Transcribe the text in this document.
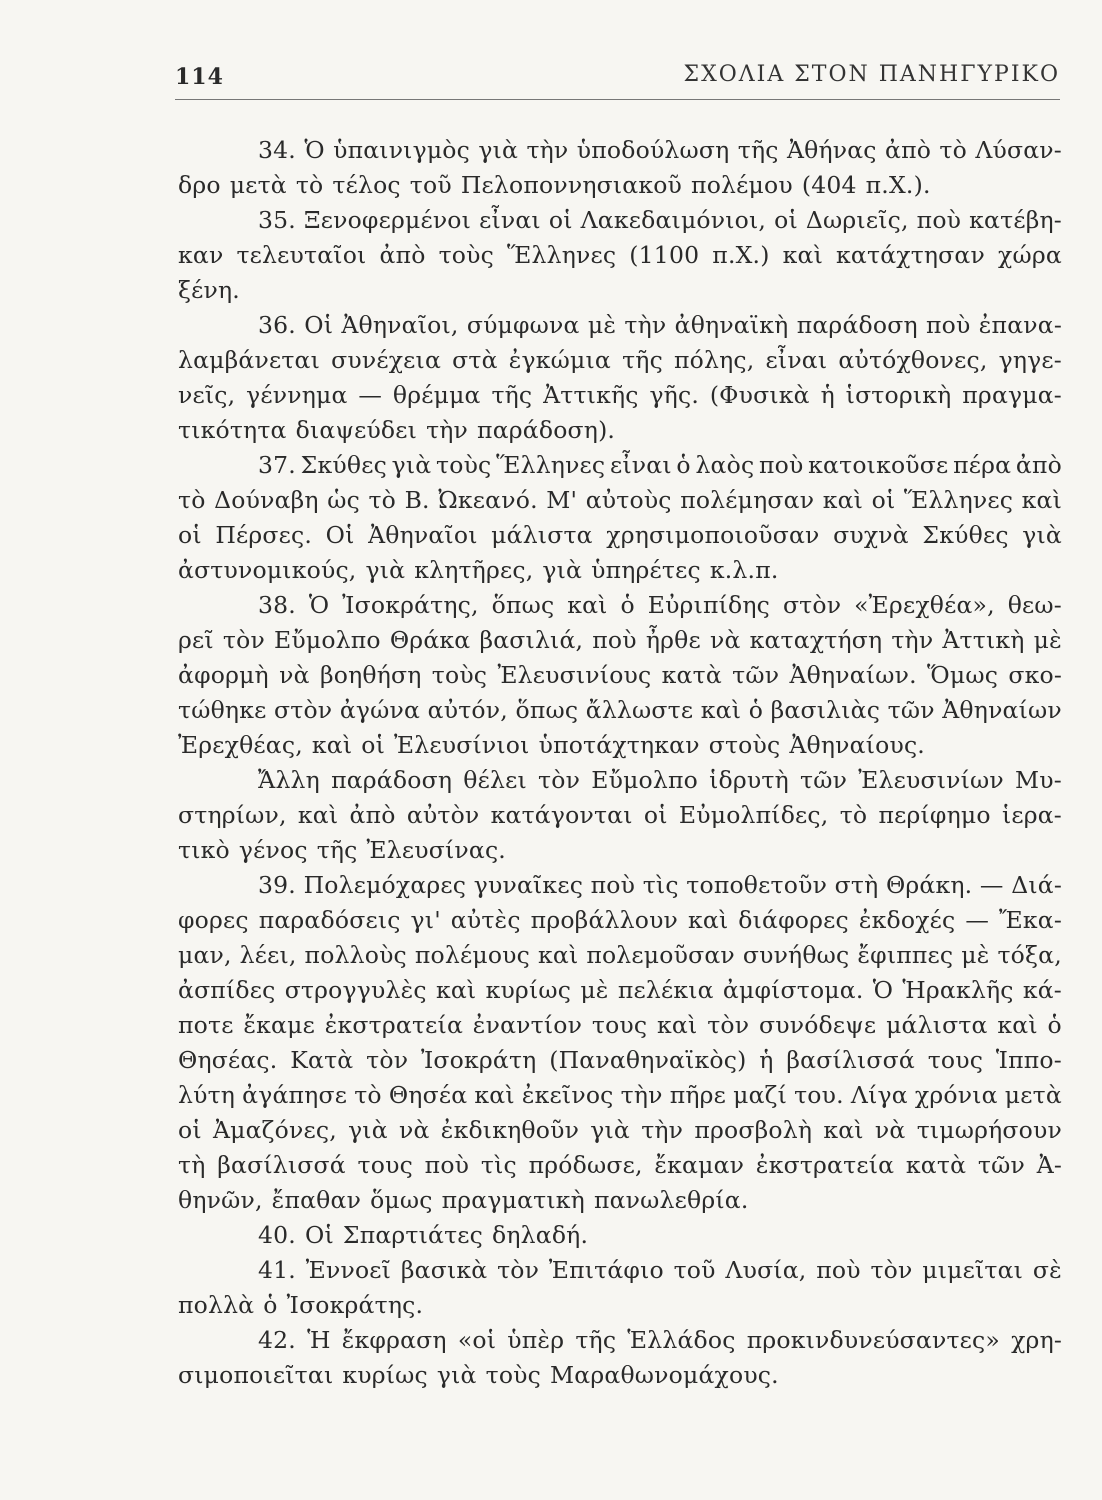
114	ΣΧΟΛΙΑ ΣΤΟΝ ΠΑΝΗΓΥΡΙΚΟ
34. Ὁ ὑπαινιγμὸς γιὰ τὴν ὑποδούλωση τῆς Ἀθήνας ἀπὸ τὸ Λύσαν-
δρο μετὰ τὸ τέλος τοῦ Πελοποννησιακοῦ πολέμου (404 π.Χ.).
35. Ξενοφερμένοι εἶναι οἱ Λακεδαιμόνιοι, οἱ Δωριεῖς, ποὺ κατέβη-
καν τελευταῖοι ἀπὸ τοὺς Ἕλληνες (1100 π.Χ.) καὶ κατάχτησαν χώρα
ξένη.
36. Οἱ Ἀθηναῖοι, σύμφωνα μὲ τὴν ἀθηναϊκὴ παράδοση ποὺ ἐπανα-
λαμβάνεται συνέχεια στὰ ἐγκώμια τῆς πόλης, εἶναι αὐτόχθονες, γηγε-
νεῖς, γέννημα — θρέμμα τῆς Ἀττικῆς γῆς. (Φυσικὰ ἡ ἱστορικὴ πραγμα-
τικότητα διαψεύδει τὴν παράδοση).
37. Σκύθες γιὰ τοὺς Ἕλληνες εἶναι ὁ λαὸς ποὺ κατοικοῦσε πέρα ἀπὸ
τὸ Δούναβη ὡς τὸ Β. Ὠκεανό. Μ' αὐτοὺς πολέμησαν καὶ οἱ Ἕλληνες καὶ
οἱ Πέρσες. Οἱ Ἀθηναῖοι μάλιστα χρησιμοποιοῦσαν συχνὰ Σκύθες γιὰ
ἀστυνομικούς, γιὰ κλητῆρες, γιὰ ὑπηρέτες κ.λ.π.
38. Ὁ Ἰσοκράτης, ὅπως καὶ ὁ Εὐριπίδης στὸν «Ἐρεχθέα», θεω-
ρεῖ τὸν Εὔμολπο Θράκα βασιλιά, ποὺ ἦρθε νὰ καταχτήση τὴν Ἀττικὴ μὲ
ἀφορμὴ νὰ βοηθήση τοὺς Ἐλευσινίους κατὰ τῶν Ἀθηναίων. Ὅμως σκο-
τώθηκε στὸν ἀγώνα αὐτόν, ὅπως ἄλλωστε καὶ ὁ βασιλιὰς τῶν Ἀθηναίων
Ἐρεχθέας, καὶ οἱ Ἐλευσίνιοι ὑποτάχτηκαν στοὺς Ἀθηναίους.
Ἄλλη παράδοση θέλει τὸν Εὔμολπο ἱδρυτὴ τῶν Ἐλευσινίων Μυ-
στηρίων, καὶ ἀπὸ αὐτὸν κατάγονται οἱ Εὐμολπίδες, τὸ περίφημο ἱερα-
τικὸ γένος τῆς Ἐλευσίνας.
39. Πολεμόχαρες γυναῖκες ποὺ τὶς τοποθετοῦν στὴ Θράκη. — Διά-
φορες παραδόσεις γι' αὐτὲς προβάλλουν καὶ διάφορες ἐκδοχές — Ἔκα-
μαν, λέει, πολλοὺς πολέμους καὶ πολεμοῦσαν συνήθως ἔφιππες μὲ τόξα,
ἀσπίδες στρογγυλὲς καὶ κυρίως μὲ πελέκια ἀμφίστομα. Ὁ Ἡρακλῆς κά-
ποτε ἔκαμε ἐκστρατεία ἐναντίον τους καὶ τὸν συνόδεψε μάλιστα καὶ ὁ
Θησέας. Κατὰ τὸν Ἰσοκράτη (Παναθηναϊκὸς) ἡ βασίλισσά τους Ἱππο-
λύτη ἀγάπησε τὸ Θησέα καὶ ἐκεῖνος τὴν πῆρε μαζί του. Λίγα χρόνια μετὰ
οἱ Ἀμαζόνες, γιὰ νὰ ἐκδικηθοῦν γιὰ τὴν προσβολὴ καὶ νὰ τιμωρήσουν
τὴ βασίλισσά τους ποὺ τὶς πρόδωσε, ἔκαμαν ἐκστρατεία κατὰ τῶν Ἀ-
θηνῶν, ἔπαθαν ὅμως πραγματικὴ πανωλεθρία.
40. Οἱ Σπαρτιάτες δηλαδή.
41. Ἐννοεῖ βασικὰ τὸν Ἐπιτάφιο τοῦ Λυσία, ποὺ τὸν μιμεῖται σὲ
πολλὰ ὁ Ἰσοκράτης.
42. Ἡ ἔκφραση «οἱ ὑπὲρ τῆς Ἑλλάδος προκινδυνεύσαντες» χρη-
σιμοποιεῖται κυρίως γιὰ τοὺς Μαραθωνομάχους.
